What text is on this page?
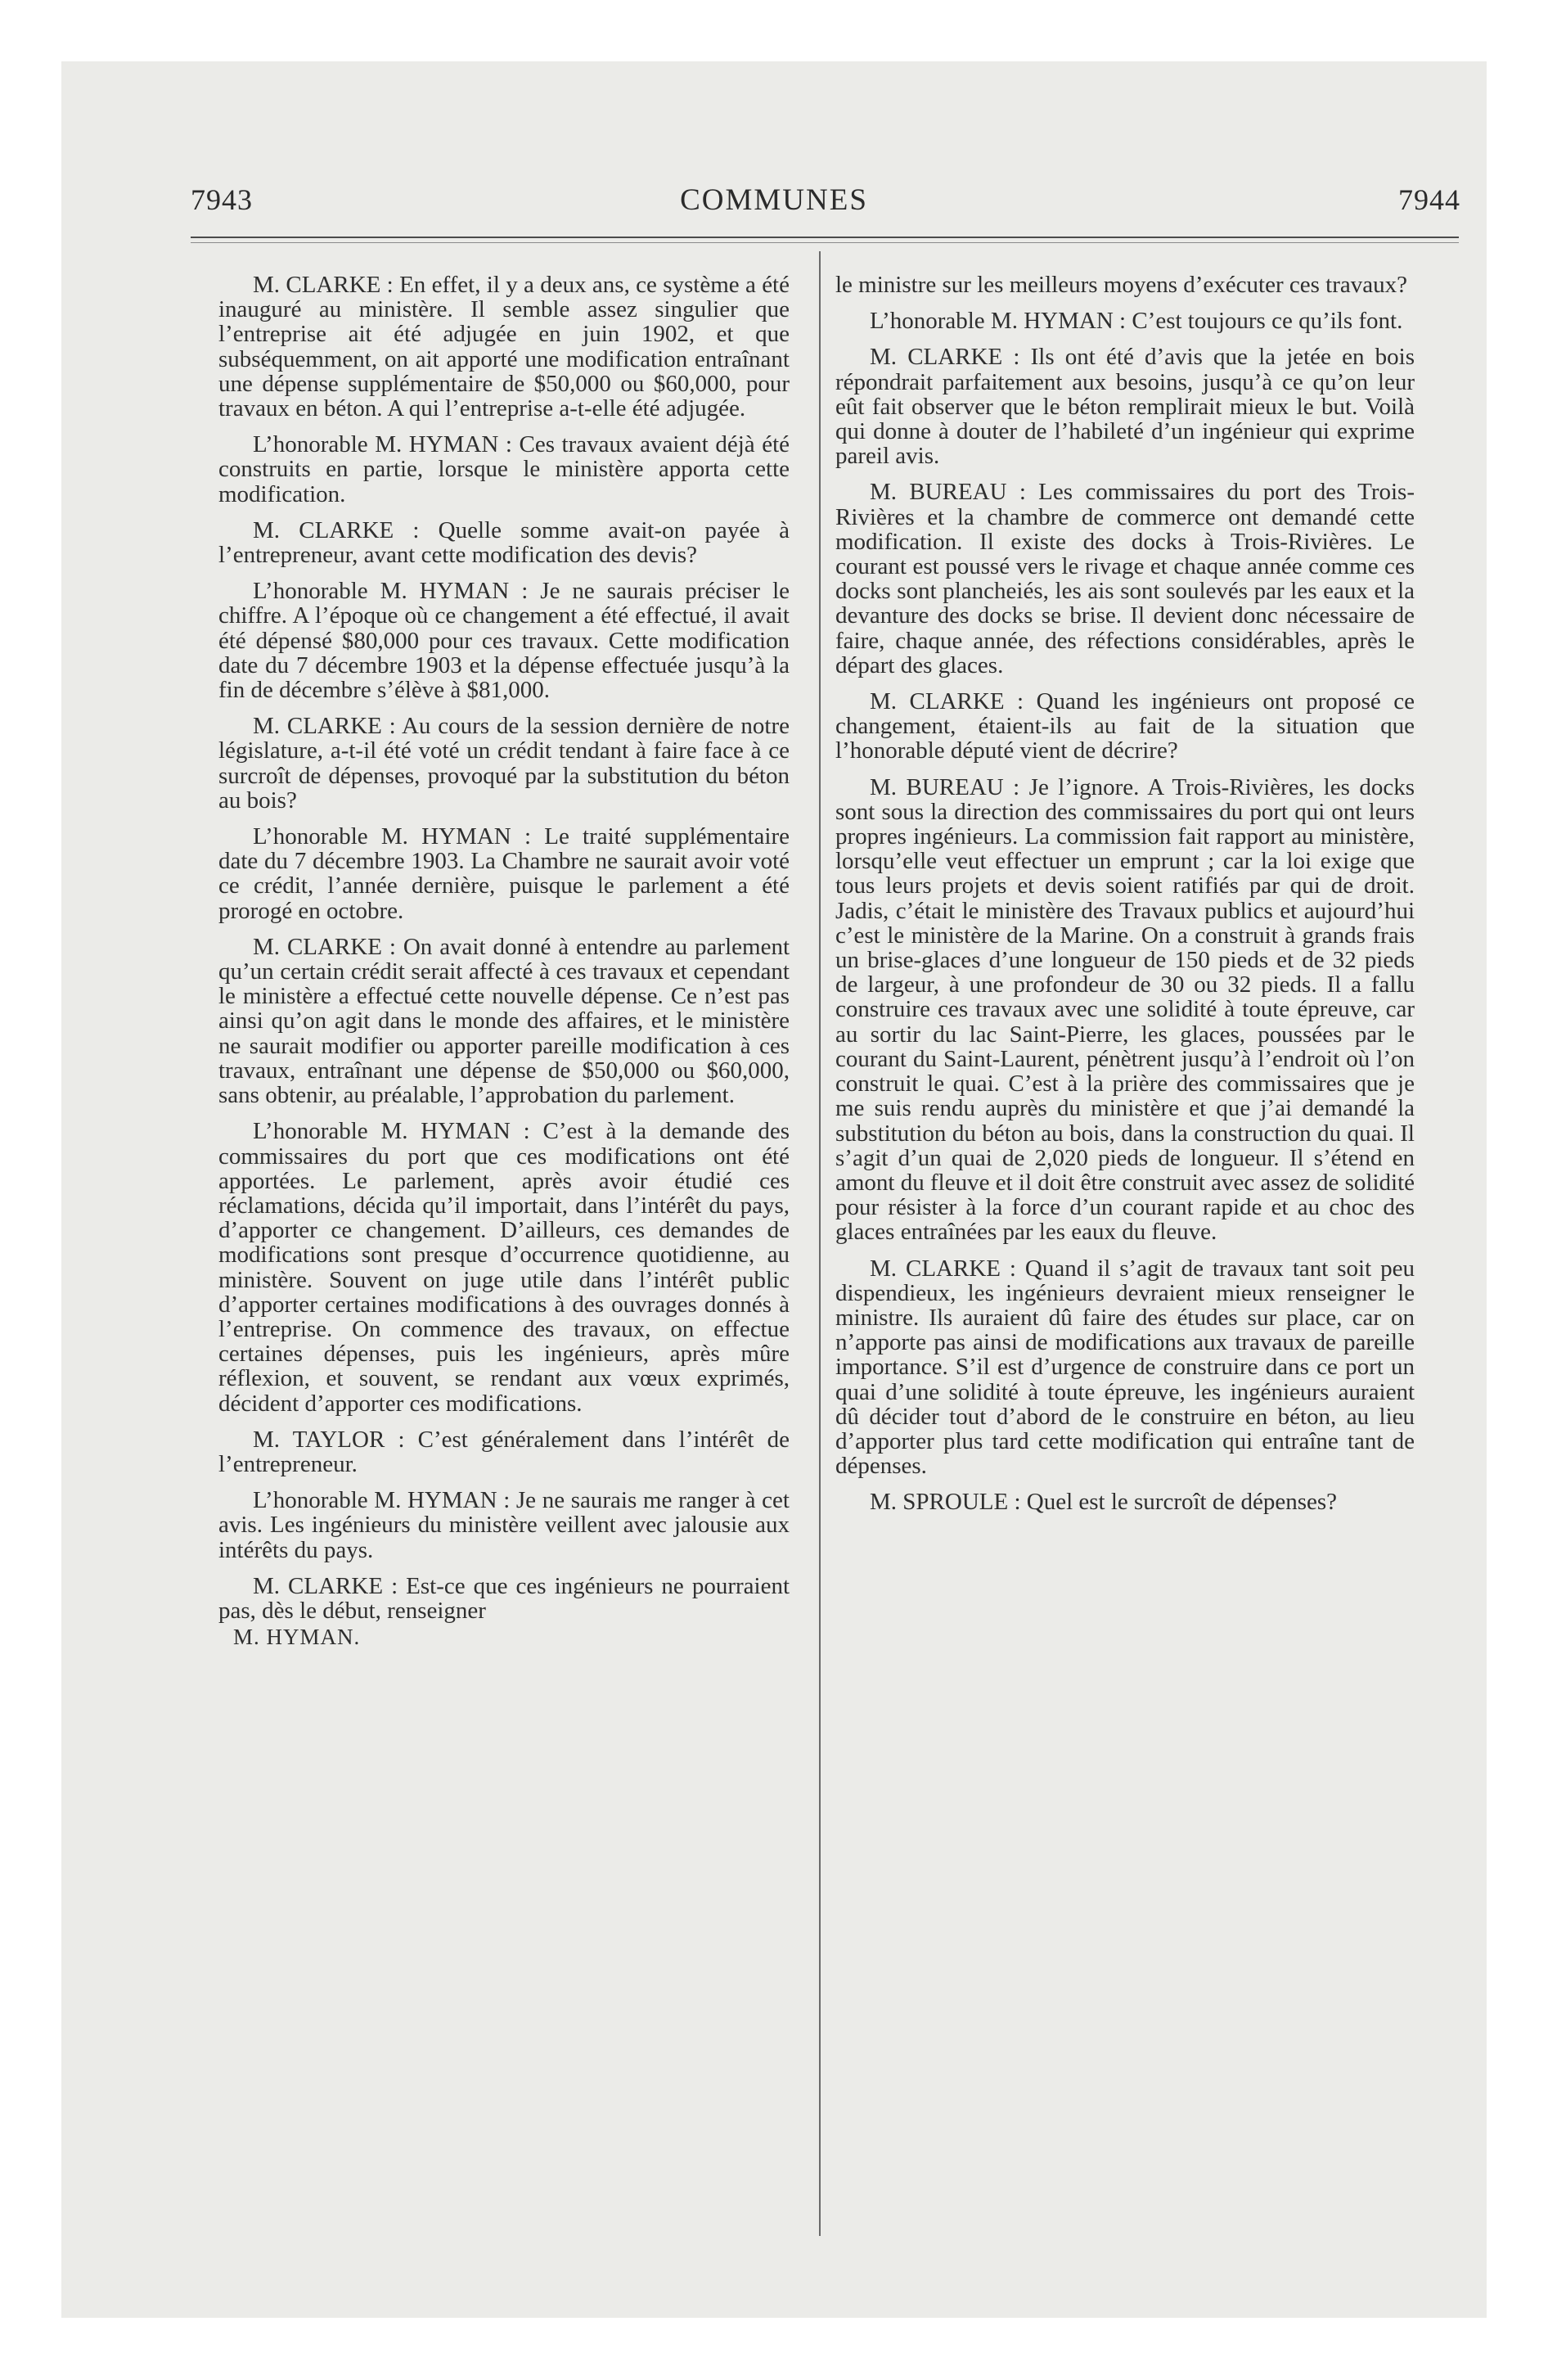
7943	COMMUNES	7944

M. CLARKE : En effet, il y a deux ans, ce système a été inauguré au ministère. Il semble assez singulier que l’entreprise ait été adjugée en juin 1902, et que subséquemment, on ait apporté une modification entraînant une dépense supplémentaire de $50,000 ou $60,000, pour travaux en béton. A qui l’entreprise a-t-elle été adjugée.

L’honorable M. HYMAN : Ces travaux avaient déjà été construits en partie, lorsque le ministère apporta cette modification.

M. CLARKE : Quelle somme avait-on payée à l’entrepreneur, avant cette modification des devis?

L’honorable M. HYMAN : Je ne saurais préciser le chiffre. A l’époque où ce changement a été effectué, il avait été dépensé $80,000 pour ces travaux. Cette modification date du 7 décembre 1903 et la dépense effectuée jusqu’à la fin de décembre s’élève à $81,000.

M. CLARKE : Au cours de la session dernière de notre législature, a-t-il été voté un crédit tendant à faire face à ce surcroît de dépenses, provoqué par la substitution du béton au bois?

L’honorable M. HYMAN : Le traité supplémentaire date du 7 décembre 1903. La Chambre ne saurait avoir voté ce crédit, l’année dernière, puisque le parlement a été prorogé en octobre.

M. CLARKE : On avait donné à entendre au parlement qu’un certain crédit serait affecté à ces travaux et cependant le ministère a effectué cette nouvelle dépense. Ce n’est pas ainsi qu’on agit dans le monde des affaires, et le ministère ne saurait modifier ou apporter pareille modification à ces travaux, entraînant une dépense de $50,000 ou $60,000, sans obtenir, au préalable, l’approbation du parlement.

L’honorable M. HYMAN : C’est à la demande des commissaires du port que ces modifications ont été apportées. Le parlement, après avoir étudié ces réclamations, décida qu’il importait, dans l’intérêt du pays, d’apporter ce changement. D’ailleurs, ces demandes de modifications sont presque d’occurrence quotidienne, au ministère. Souvent on juge utile dans l’intérêt public d’apporter certaines modifications à des ouvrages donnés à l’entreprise. On commence des travaux, on effectue certaines dépenses, puis les ingénieurs, après mûre réflexion, et souvent, se rendant aux vœux exprimés, décident d’apporter ces modifications.

M. TAYLOR : C’est généralement dans l’intérêt de l’entrepreneur.

L’honorable M. HYMAN : Je ne saurais me ranger à cet avis. Les ingénieurs du ministère veillent avec jalousie aux intérêts du pays.

M. CLARKE : Est-ce que ces ingénieurs ne pourraient pas, dès le début, renseigner

M. HYMAN.

le ministre sur les meilleurs moyens d’exécuter ces travaux?

L’honorable M. HYMAN : C’est toujours ce qu’ils font.

M. CLARKE : Ils ont été d’avis que la jetée en bois répondrait parfaitement aux besoins, jusqu’à ce qu’on leur eût fait observer que le béton remplirait mieux le but. Voilà qui donne à douter de l’habileté d’un ingénieur qui exprime pareil avis.

M. BUREAU : Les commissaires du port des Trois-Rivières et la chambre de commerce ont demandé cette modification. Il existe des docks à Trois-Rivières. Le courant est poussé vers le rivage et chaque année comme ces docks sont plancheiés, les ais sont soulevés par les eaux et la devanture des docks se brise. Il devient donc nécessaire de faire, chaque année, des réfections considérables, après le départ des glaces.

M. CLARKE : Quand les ingénieurs ont proposé ce changement, étaient-ils au fait de la situation que l’honorable député vient de décrire?

M. BUREAU : Je l’ignore. A Trois-Rivières, les docks sont sous la direction des commissaires du port qui ont leurs propres ingénieurs. La commission fait rapport au ministère, lorsqu’elle veut effectuer un emprunt ; car la loi exige que tous leurs projets et devis soient ratifiés par qui de droit. Jadis, c’était le ministère des Travaux publics et aujourd’hui c’est le ministère de la Marine. On a construit à grands frais un brise-glaces d’une longueur de 150 pieds et de 32 pieds de largeur, à une profondeur de 30 ou 32 pieds. Il a fallu construire ces travaux avec une solidité à toute épreuve, car au sortir du lac Saint-Pierre, les glaces, poussées par le courant du Saint-Laurent, pénètrent jusqu’à l’endroit où l’on construit le quai. C’est à la prière des commissaires que je me suis rendu auprès du ministère et que j’ai demandé la substitution du béton au bois, dans la construction du quai. Il s’agit d’un quai de 2,020 pieds de longueur. Il s’étend en amont du fleuve et il doit être construit avec assez de solidité pour résister à la force d’un courant rapide et au choc des glaces entraînées par les eaux du fleuve.

M. CLARKE : Quand il s’agit de travaux tant soit peu dispendieux, les ingénieurs devraient mieux renseigner le ministre. Ils auraient dû faire des études sur place, car on n’apporte pas ainsi de modifications aux travaux de pareille importance. S’il est d’urgence de construire dans ce port un quai d’une solidité à toute épreuve, les ingénieurs auraient dû décider tout d’abord de le construire en béton, au lieu d’apporter plus tard cette modification qui entraîne tant de dépenses.

M. SPROULE : Quel est le surcroît de dépenses?
